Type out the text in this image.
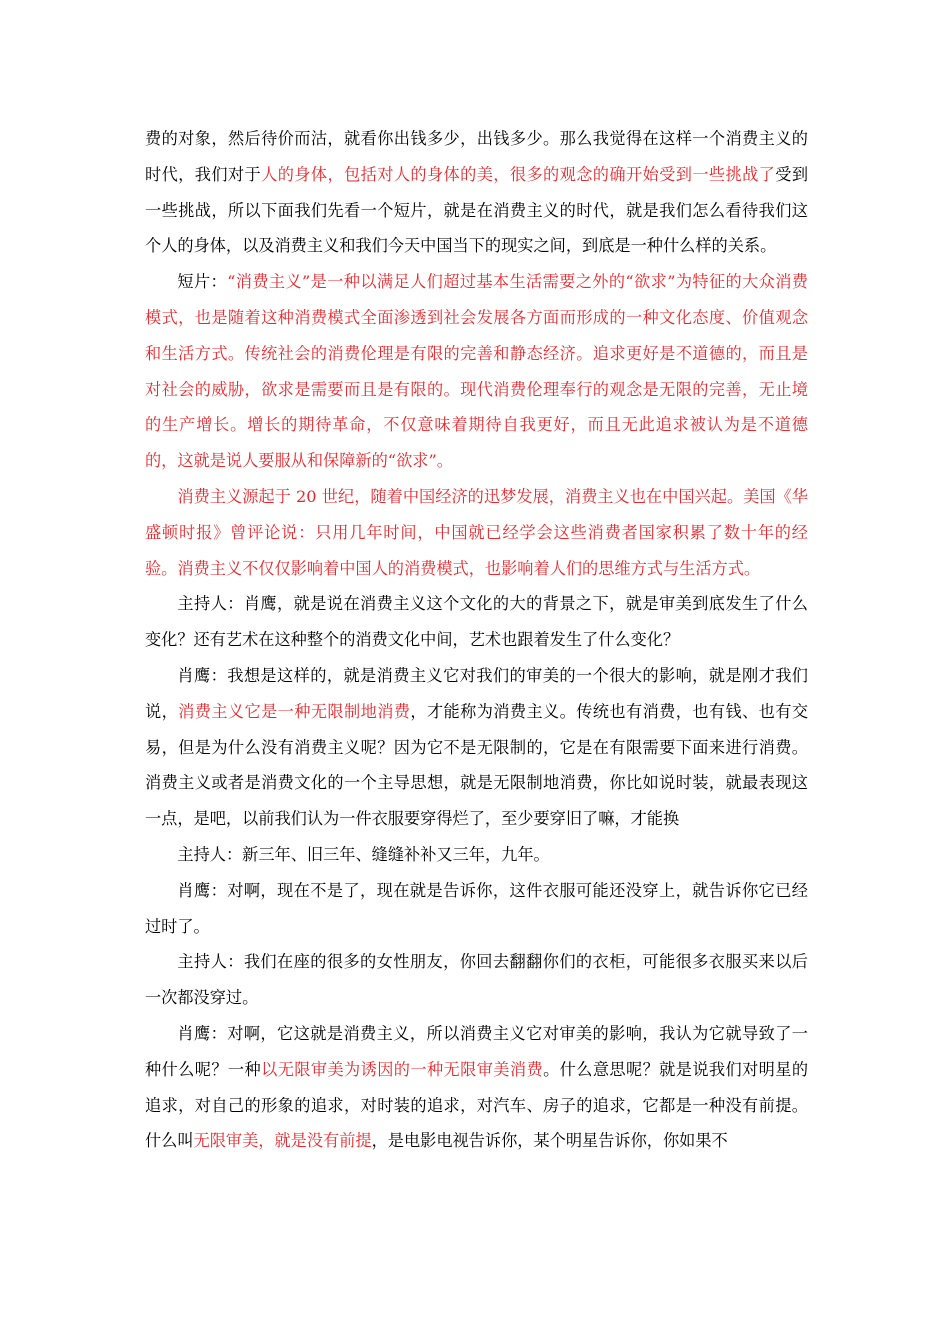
费的对象，然后待价而沽，就看你出钱多少，出钱多少。那么我觉得在这样一个消费主义的时代，我们对于人的身体，包括对人的身体的美，很多的观念的确开始受到一些挑战了受到一些挑战，所以下面我们先看一个短片，就是在消费主义的时代，就是我们怎么看待我们这个人的身体，以及消费主义和我们今天中国当下的现实之间，到底是一种什么样的关系。

短片：“消费主义”是一种以满足人们超过基本生活需要之外的“欲求”为特征的大众消费模式，也是随着这种消费模式全面渗透到社会发展各方面而形成的一种文化态度、价值观念和生活方式。传统社会的消费伦理是有限的完善和静态经济。追求更好是不道德的，而且是对社会的威胁，欲求是需要而且是有限的。现代消费伦理奉行的观念是无限的完善，无止境的生产增长。增长的期待革命，不仅意味着期待自我更好，而且无此追求被认为是不道德的，这就是说人要服从和保障新的“欲求”。

消费主义源起于 20 世纪，随着中国经济的迅梦发展，消费主义也在中国兴起。美国《华盛顿时报》曾评论说：只用几年时间，中国就已经学会这些消费者国家积累了数十年的经验。消费主义不仅仅影响着中国人的消费模式，也影响着人们的思维方式与生活方式。

主持人：肖鹰，就是说在消费主义这个文化的大的背景之下，就是审美到底发生了什么变化？还有艺术在这种整个的消费文化中间，艺术也跟着发生了什么变化？

肖鹰：我想是这样的，就是消费主义它对我们的审美的一个很大的影响，就是刚才我们说，消费主义它是一种无限制地消费，才能称为消费主义。传统也有消费，也有钱、也有交易，但是为什么没有消费主义呢？因为它不是无限制的，它是在有限需要下面来进行消费。消费主义或者是消费文化的一个主导思想，就是无限制地消费，你比如说时装，就最表现这一点，是吧，以前我们认为一件衣服要穿得烂了，至少要穿旧了嘛，才能换

主持人：新三年、旧三年、缝缝补补又三年，九年。

肖鹰：对啊，现在不是了，现在就是告诉你，这件衣服可能还没穿上，就告诉你它已经过时了。

主持人：我们在座的很多的女性朋友，你回去翻翻你们的衣柜，可能很多衣服买来以后一次都没穿过。

肖鹰：对啊，它这就是消费主义，所以消费主义它对审美的影响，我认为它就导致了一种什么呢？一种以无限审美为诱因的一种无限审美消费。什么意思呢？就是说我们对明星的追求，对自己的形象的追求，对时装的追求，对汽车、房子的追求，它都是一种没有前提。什么叫无限审美，就是没有前提，是电影电视告诉你，某个明星告诉你，你如果不
